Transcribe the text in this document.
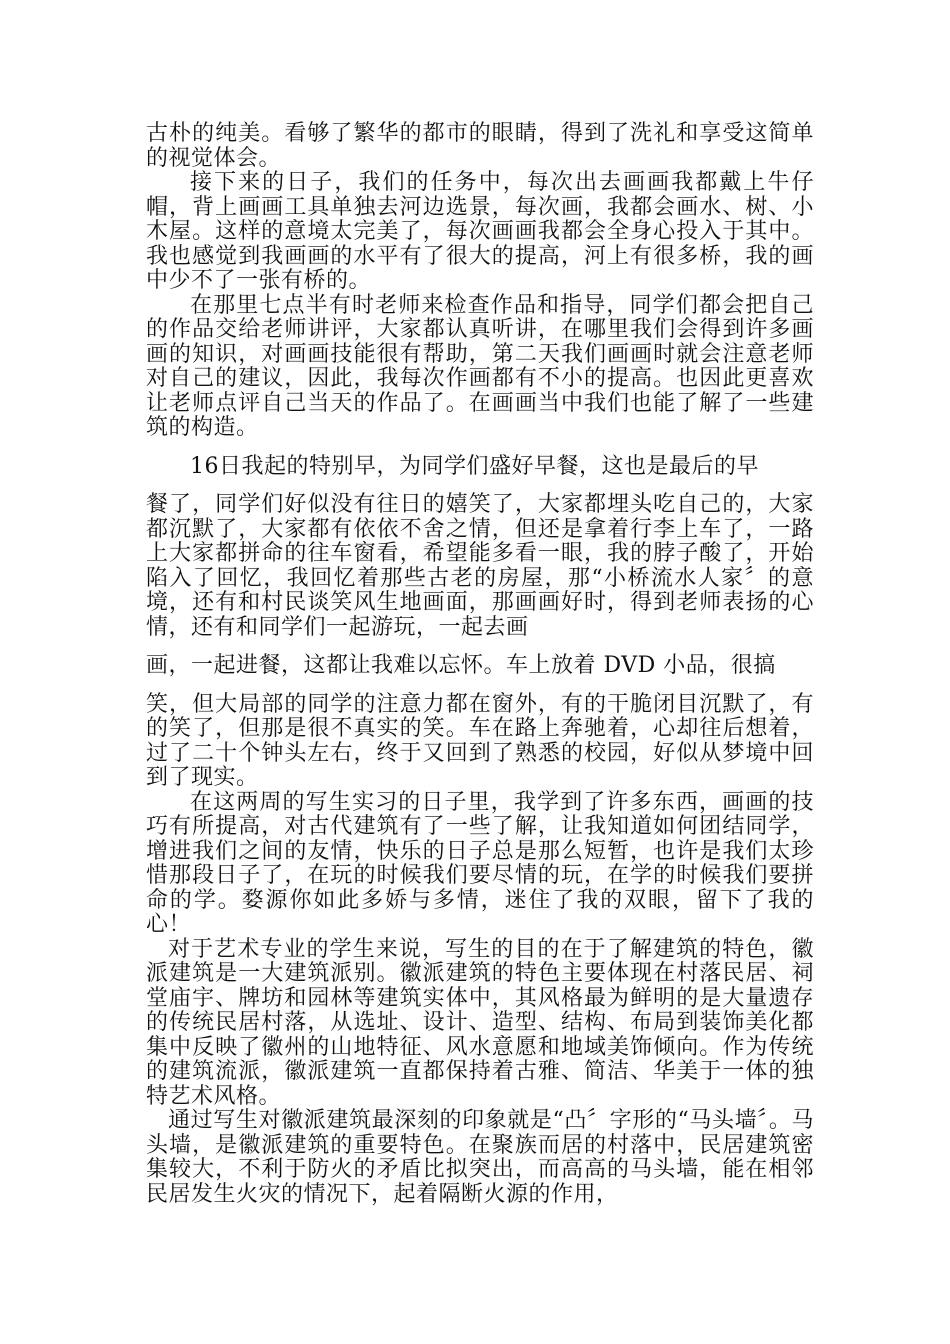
古朴的纯美。看够了繁华的都市的眼睛，得到了洗礼和享受这简单的视觉体会。

接下来的日子，我们的任务中，每次出去画画我都戴上牛仔帽，背上画画工具单独去河边选景，每次画，我都会画水、树、小木屋。这样的意境太完美了，每次画画我都会全身心投入于其中。我也感觉到我画画的水平有了很大的提高，河上有很多桥，我的画中少不了一张有桥的。

在那里七点半有时老师来检查作品和指导，同学们都会把自己的作品交给老师讲评，大家都认真听讲，在哪里我们会得到许多画画的知识，对画画技能很有帮助，第二天我们画画时就会注意老师对自己的建议，因此，我每次作画都有不小的提高。也因此更喜欢让老师点评自己当天的作品了。在画画当中我们也能了解了一些建筑的构造。

16日我起的特别早，为同学们盛好早餐，这也是最后的早

餐了，同学们好似没有往日的嬉笑了，大家都埋头吃自己的，大家都沉默了，大家都有依依不舍之情，但还是拿着行李上车了，一路上大家都拼命的往车窗看，希望能多看一眼，我的脖子酸了，开始陷入了回忆，我回忆着那些古老的房屋，那“小桥流水人家〞的意境，还有和村民谈笑风生地画面，那画画好时，得到老师表扬的心情，还有和同学们一起游玩，一起去画

画，一起进餐，这都让我难以忘怀。车上放着 DVD 小品，很搞

笑，但大局部的同学的注意力都在窗外，有的干脆闭目沉默了，有的笑了，但那是很不真实的笑。车在路上奔驰着，心却往后想着，过了二十个钟头左右，终于又回到了熟悉的校园，好似从梦境中回到了现实。

在这两周的写生实习的日子里，我学到了许多东西，画画的技巧有所提高，对古代建筑有了一些了解，让我知道如何团结同学，增进我们之间的友情，快乐的日子总是那么短暂，也许是我们太珍惜那段日子了，在玩的时候我们要尽情的玩，在学的时候我们要拼命的学。婺源你如此多娇与多情，迷住了我的双眼，留下了我的心！

对于艺术专业的学生来说，写生的目的在于了解建筑的特色，徽派建筑是一大建筑派别。徽派建筑的特色主要体现在村落民居、祠堂庙宇、牌坊和园林等建筑实体中，其风格最为鲜明的是大量遗存的传统民居村落，从选址、设计、造型、结构、布局到装饰美化都集中反映了徽州的山地特征、风水意愿和地域美饰倾向。作为传统的建筑流派，徽派建筑一直都保持着古雅、简洁、华美于一体的独特艺术风格。

通过写生对徽派建筑最深刻的印象就是“凸〞字形的“马头墙〞。马头墙，是徽派建筑的重要特色。在聚族而居的村落中，民居建筑密集较大，不利于防火的矛盾比拟突出，而高高的马头墙，能在相邻民居发生火灾的情况下，起着隔断火源的作用，
